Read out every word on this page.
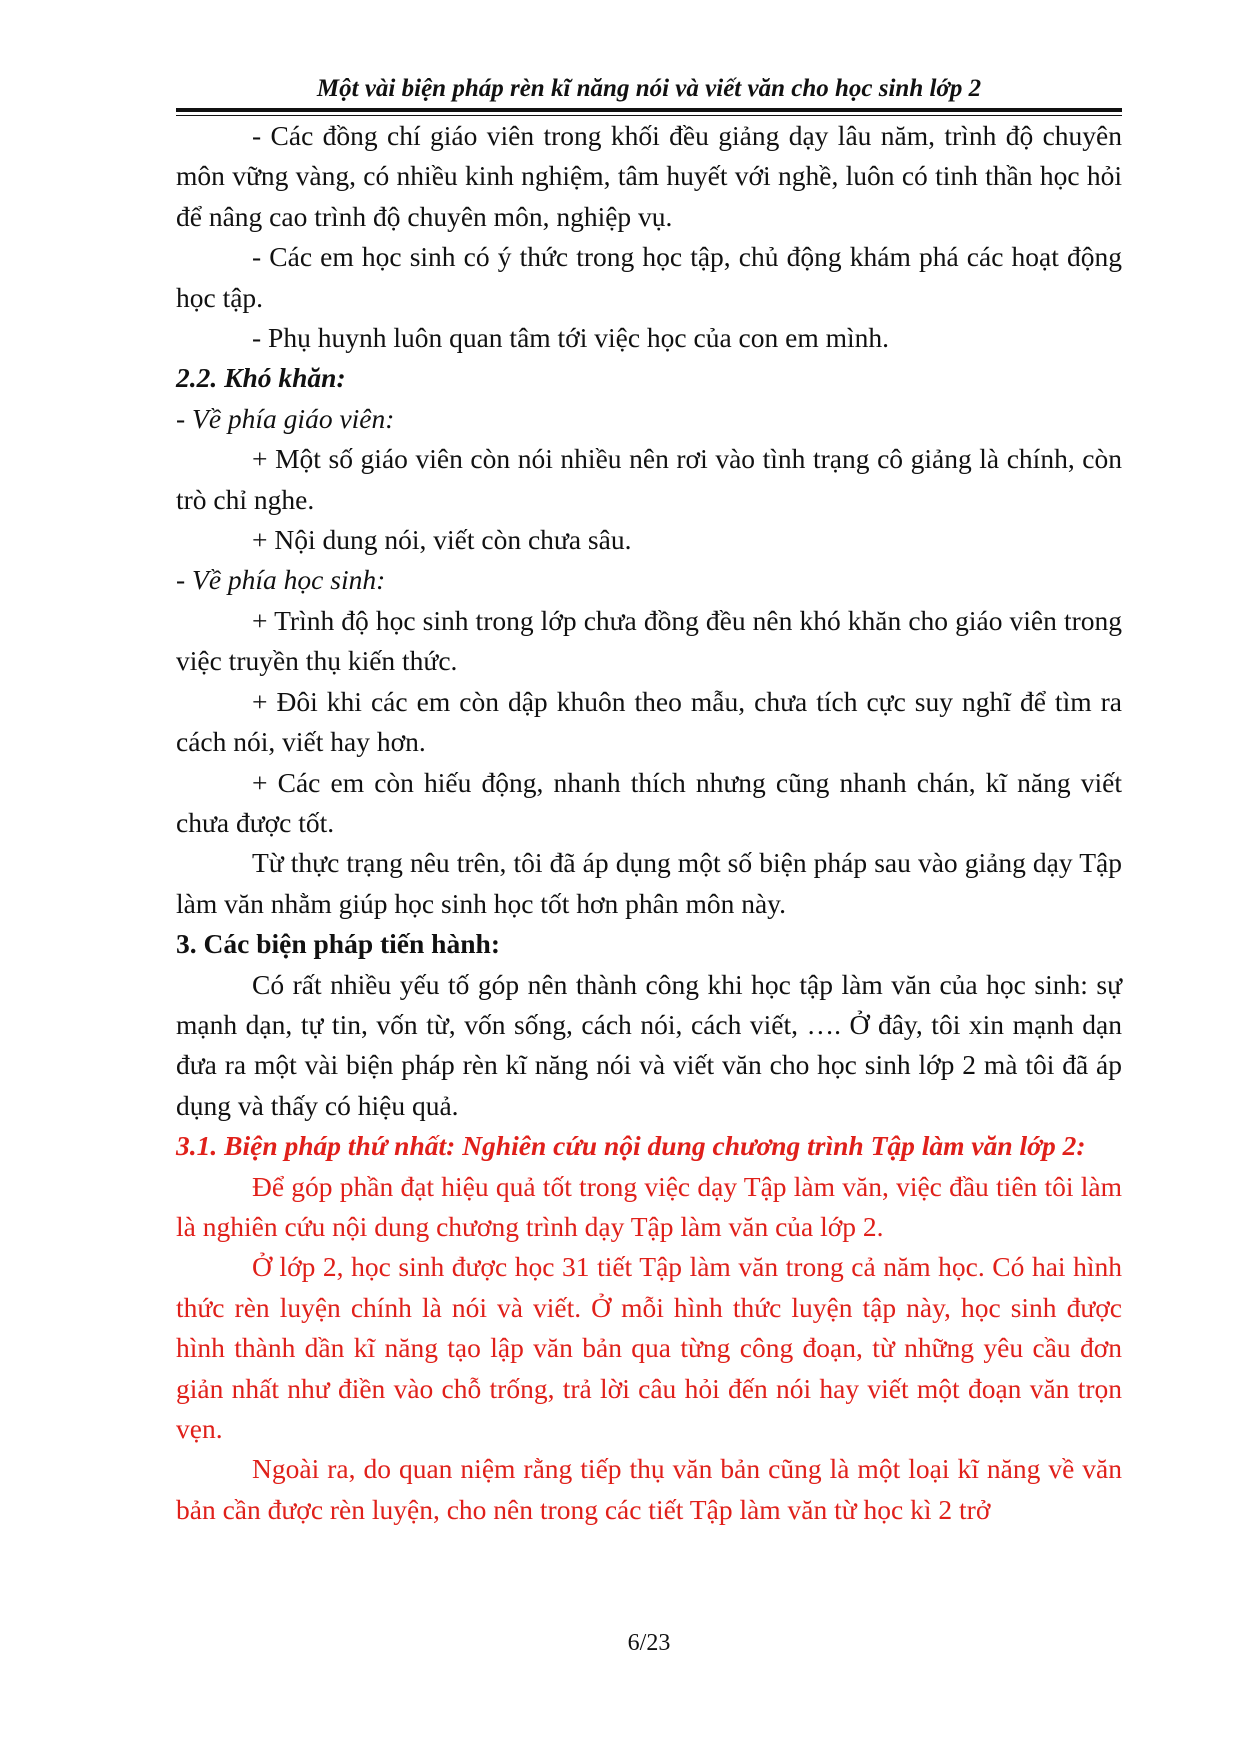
Một vài biện pháp rèn kĩ năng nói và viết văn cho học sinh lớp 2

- Các đồng chí giáo viên trong khối đều giảng dạy lâu năm, trình độ chuyên môn vững vàng, có nhiều kinh nghiệm, tâm huyết với nghề, luôn có tinh thần học hỏi để nâng cao trình độ chuyên môn, nghiệp vụ.

- Các em học sinh có ý thức trong học tập, chủ động khám phá các hoạt động học tập.

- Phụ huynh luôn quan tâm tới việc học của con em mình.

2.2. Khó khăn:

- Về phía giáo viên:

+ Một số giáo viên còn nói nhiều nên rơi vào tình trạng cô giảng là chính, còn trò chỉ nghe.

+ Nội dung nói, viết còn chưa sâu.

- Về phía học sinh:

+ Trình độ học sinh trong lớp chưa đồng đều nên khó khăn cho giáo viên trong việc truyền thụ kiến thức.

+ Đôi khi các em còn dập khuôn theo mẫu, chưa tích cực suy nghĩ để tìm ra cách nói, viết hay hơn.

+ Các em còn hiếu động, nhanh thích nhưng cũng nhanh chán, kĩ năng viết chưa được tốt.

Từ thực trạng nêu trên, tôi đã áp dụng một số biện pháp sau vào giảng dạy Tập làm văn nhằm giúp học sinh học tốt hơn phân môn này.

3. Các biện pháp tiến hành:

Có rất nhiều yếu tố góp nên thành công khi học tập làm văn của học sinh: sự mạnh dạn, tự tin, vốn từ, vốn sống, cách nói, cách viết, …. Ở đây, tôi xin mạnh dạn đưa ra một vài biện pháp rèn kĩ năng nói và viết văn cho học sinh lớp 2 mà tôi đã áp dụng và thấy có hiệu quả.

3.1. Biện pháp thứ nhất: Nghiên cứu nội dung chương trình Tập làm văn lớp 2:

Để góp phần đạt hiệu quả tốt trong việc dạy Tập làm văn, việc đầu tiên tôi làm là nghiên cứu nội dung chương trình dạy Tập làm văn của lớp 2.

Ở lớp 2, học sinh được học 31 tiết Tập làm văn trong cả năm học. Có hai hình thức rèn luyện chính là nói và viết. Ở mỗi hình thức luyện tập này, học sinh được hình thành dần kĩ năng tạo lập văn bản qua từng công đoạn, từ những yêu cầu đơn giản nhất như điền vào chỗ trống, trả lời câu hỏi đến nói hay viết một đoạn văn trọn vẹn.

Ngoài ra, do quan niệm rằng tiếp thụ văn bản cũng là một loại kĩ năng về văn bản cần được rèn luyện, cho nên trong các tiết Tập làm văn từ học kì 2 trở

6/23
